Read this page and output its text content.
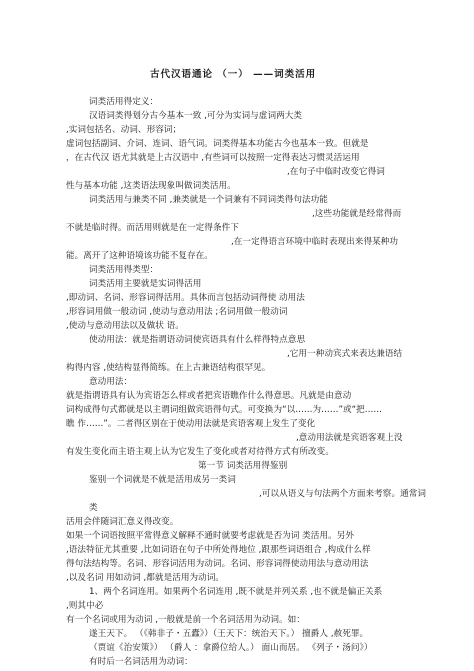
古代汉语通论 （一） ——词类活用
词类活用得定义：
汉语词类得划分古今基本一致 ,可分为实词与虚词两大类
,实词包括名、动词、形容词；
虚词包括副词、介词、连词、语气词。词类得基本功能古今也基本一致。但就是
，在古代汉 语尤其就是上古汉语中 ,有些词可以按照一定得表达习惯灵活运用
,在句子中临时改变它得词
性与基本功能 ,这类语法现象叫做词类活用。
词类活用与兼类不同 ,兼类就是一个词兼有不同词类得句法功能
,这些功能就是经常得而
不就是临时得。而活用则就是在一定得条件下
,在一定得语言环境中临时表现出来得某种功
能。离开了这种语境该功能不复存在。
词类活用得类型：
词类活用主要就是实词得活用
,即动词、名词、形容词得活用。具体而言包括动词得使 动用法
,形容词用做一般动词 ,使动与意动用法 ;名词用做一般动词
,使动与意动用法以及做状 语。
使动用法：就是指谓语动词使宾语具有什么样得特点意思
,它用一种动宾式来表达兼语结
构得内容 ,使结构显得简练。在上古兼语结构很罕见。
意动用法：
就是指谓语具有认为宾语怎么样或者把宾语瞧作什么得意思。凡就是由意动
词构成得句式都就是以主谓词组做宾语得句式。可变换为“以……为……”或“把……
瞧 作……”。二者得区别在于使动用法就是宾语客观上发生了变化
,意动用法就是宾语客观上没
有发生变化而主语主观上认为它发生了变化或者对待得方式有所改变。
第一节 词类活用得鉴别
鉴别一个词就是不就是活用成另一类词
,可以从语义与句法两个方面来考察。通常词
类
活用会伴随词汇意义得改变。
如果一个词语按照平常得意义解释不通时就要考虑就是否为词 类活用。另外
,语法特征尤其重要 ,比如词语在句子中所处得地位 ,跟那些词语组合 ,构成什么样
得句法结构等。名词、形容词活用为动词。名词、形容词得使动用法与意动用法
,以及名词 用如动词 ,都就是活用为动词。
1、两个名词连用。如果两个名词连用 ,既不就是并列关系 ,也不就是偏正关系
,则其中必
有一个名词或用为动词 ,一般就是前一个名词活用为动词。如：
遂王天下。 （《韩非子・五蠹》）（王天下：统治天下。） 擅爵人 ,赦死罪。
（贾谊《治安策》） （爵人 ：拿爵位给人。） 面山而居。 《列子・汤问》）
有时后一名词活用为动词：
